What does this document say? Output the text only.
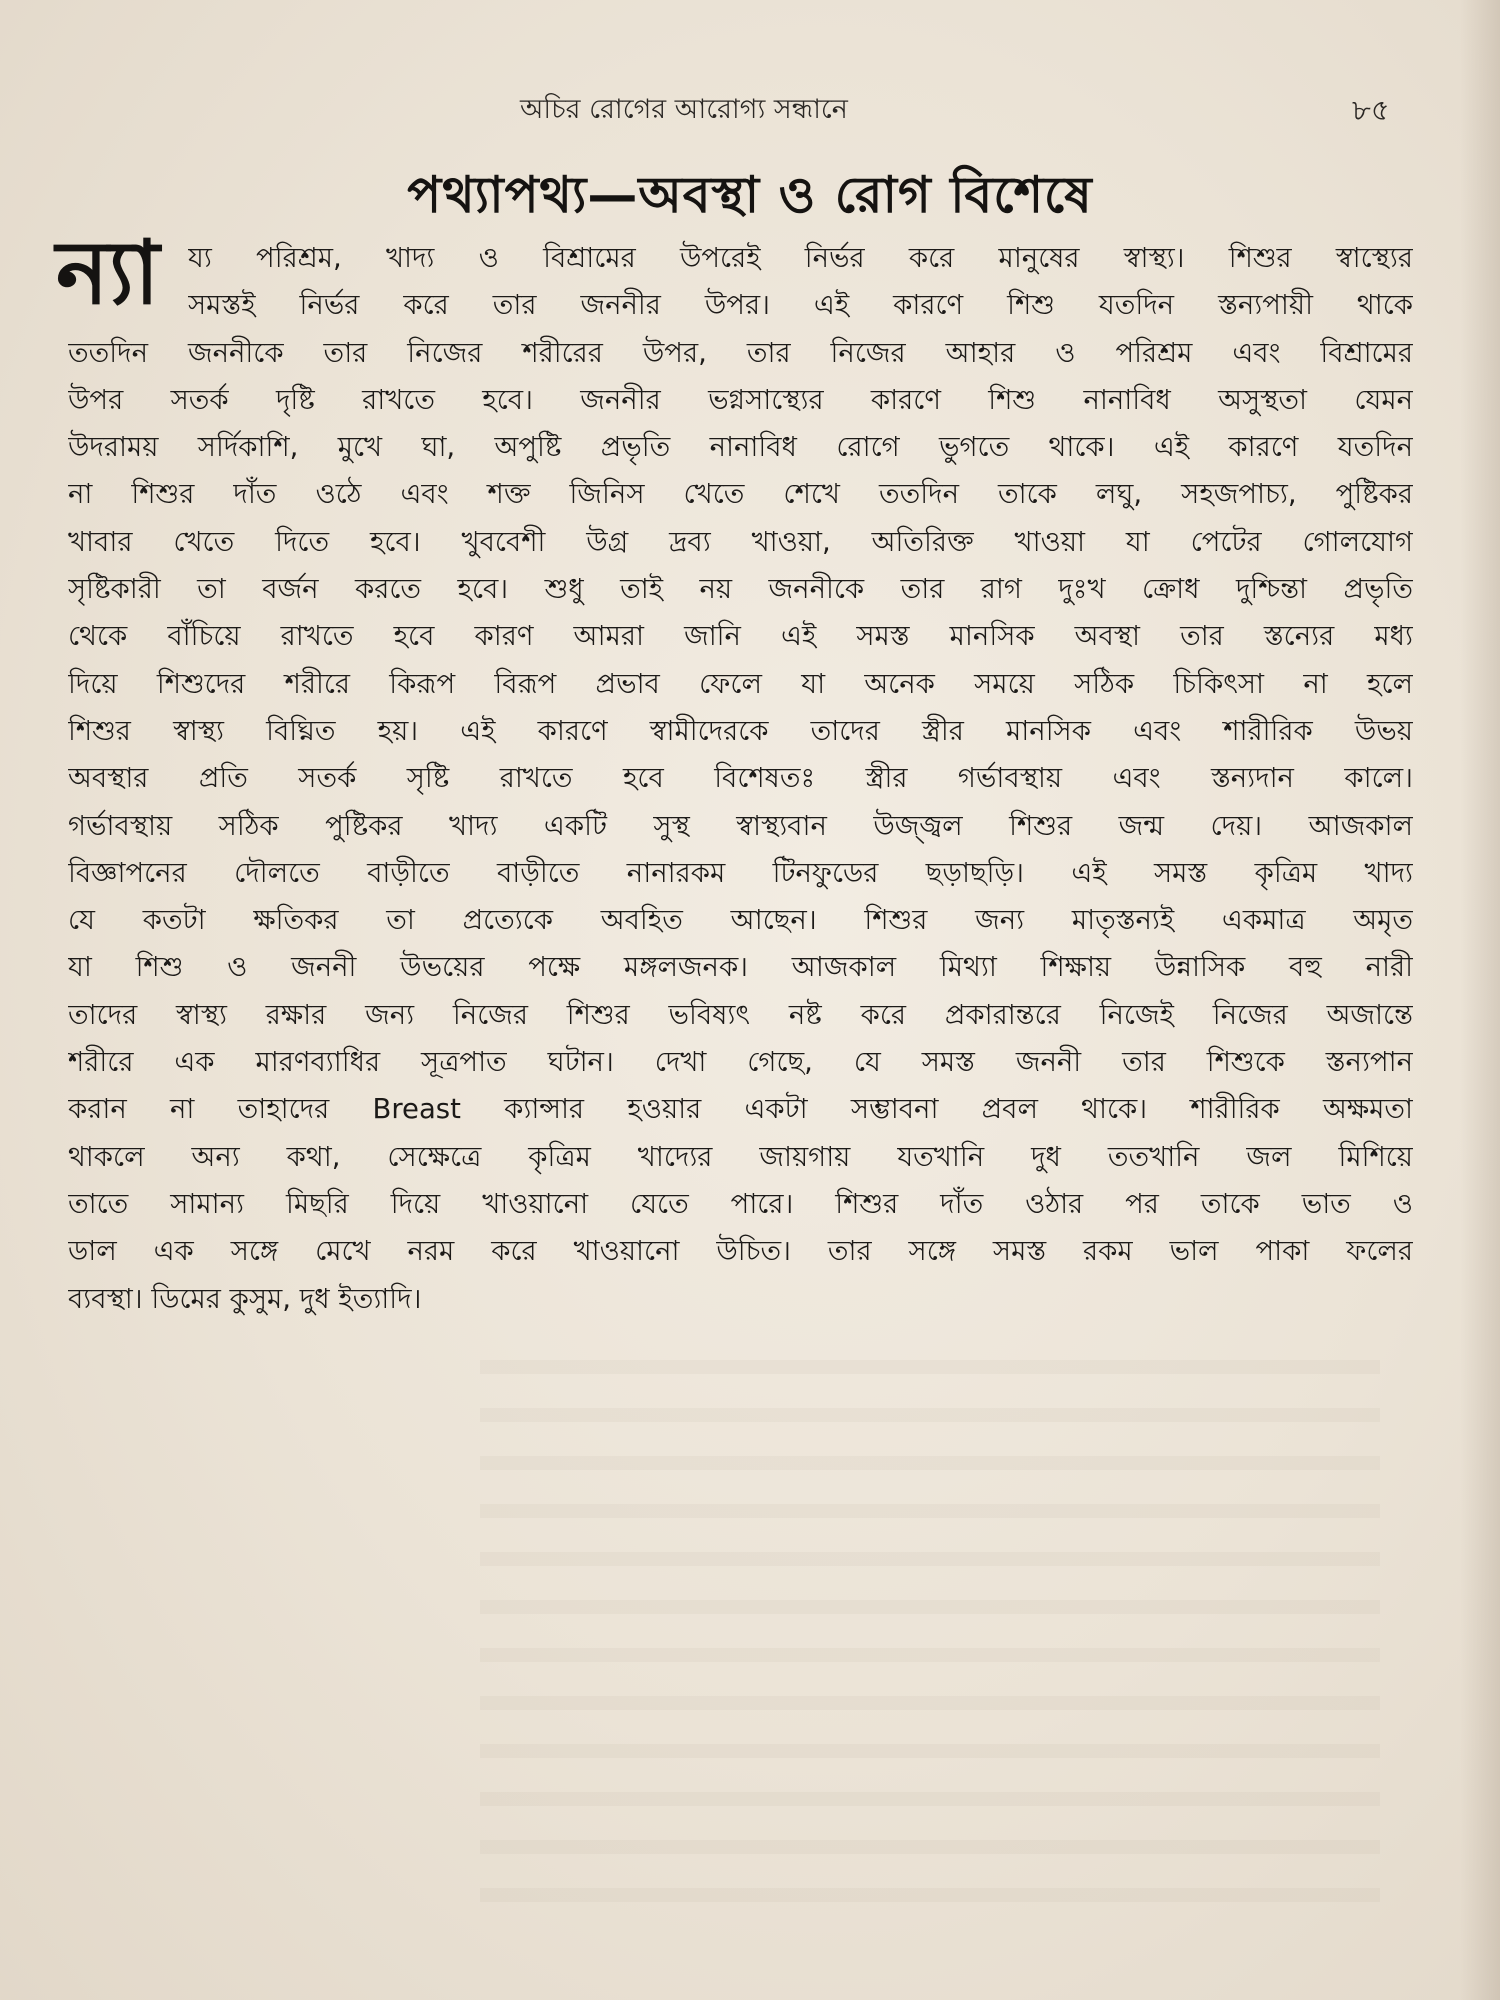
অচির রোগের আরোগ্য সন্ধানে	৮৫
পথ্যাপথ্য—অবস্থা ও রোগ বিশেষে
ন্যা য্য পরিশ্রম, খাদ্য ও বিশ্রামের উপরেই নির্ভর করে মানুষের স্বাস্থ্য। শিশুর স্বাস্থ্যের
সমস্তই নির্ভর করে তার জননীর উপর। এই কারণে শিশু যতদিন স্তন্যপায়ী থাকে
ততদিন জননীকে তার নিজের শরীরের উপর, তার নিজের আহার ও পরিশ্রম এবং বিশ্রামের
উপর সতর্ক দৃষ্টি রাখতে হবে। জননীর ভগ্নসাস্থ্যের কারণে শিশু নানাবিধ অসুস্থতা যেমন
উদরাময় সর্দিকাশি, মুখে ঘা, অপুষ্টি প্রভৃতি নানাবিধ রোগে ভুগতে থাকে। এই কারণে যতদিন
না শিশুর দাঁত ওঠে এবং শক্ত জিনিস খেতে শেখে ততদিন তাকে লঘু, সহজপাচ্য, পুষ্টিকর
খাবার খেতে দিতে হবে। খুববেশী উগ্র দ্রব্য খাওয়া, অতিরিক্ত খাওয়া যা পেটের গোলযোগ
সৃষ্টিকারী তা বর্জন করতে হবে। শুধু তাই নয় জননীকে তার রাগ দুঃখ ক্রোধ দুশ্চিন্তা প্রভৃতি
থেকে বাঁচিয়ে রাখতে হবে কারণ আমরা জানি এই সমস্ত মানসিক অবস্থা তার স্তন্যের মধ্য
দিয়ে শিশুদের শরীরে কিরূপ বিরূপ প্রভাব ফেলে যা অনেক সময়ে সঠিক চিকিৎসা না হলে
শিশুর স্বাস্থ্য বিঘ্নিত হয়। এই কারণে স্বামীদেরকে তাদের স্ত্রীর মানসিক এবং শারীরিক উভয়
অবস্থার প্রতি সতর্ক সৃষ্টি রাখতে হবে বিশেষতঃ স্ত্রীর গর্ভাবস্থায় এবং স্তন্যদান কালে।
গর্ভাবস্থায় সঠিক পুষ্টিকর খাদ্য একটি সুস্থ স্বাস্থ্যবান উজ্জ্বল শিশুর জন্ম দেয়। আজকাল
বিজ্ঞাপনের দৌলতে বাড়ীতে বাড়ীতে নানারকম টিনফুডের ছড়াছড়ি। এই সমস্ত কৃত্রিম খাদ্য
যে কতটা ক্ষতিকর তা প্রত্যেকে অবহিত আছেন। শিশুর জন্য মাতৃস্তন্যই একমাত্র অমৃত
যা শিশু ও জননী উভয়ের পক্ষে মঙ্গলজনক। আজকাল মিথ্যা শিক্ষায় উন্নাসিক বহু নারী
তাদের স্বাস্থ্য রক্ষার জন্য নিজের শিশুর ভবিষ্যৎ নষ্ট করে প্রকারান্তরে নিজেই নিজের অজান্তে
শরীরে এক মারণব্যাধির সূত্রপাত ঘটান। দেখা গেছে, যে সমস্ত জননী তার শিশুকে স্তন্যপান
করান না তাহাদের Breast ক্যান্সার হওয়ার একটা সম্ভাবনা প্রবল থাকে। শারীরিক অক্ষমতা
থাকলে অন্য কথা, সেক্ষেত্রে কৃত্রিম খাদ্যের জায়গায় যতখানি দুধ ততখানি জল মিশিয়ে
তাতে সামান্য মিছরি দিয়ে খাওয়ানো যেতে পারে। শিশুর দাঁত ওঠার পর তাকে ভাত ও
ডাল এক সঙ্গে মেখে নরম করে খাওয়ানো উচিত। তার সঙ্গে সমস্ত রকম ভাল পাকা ফলের
ব্যবস্থা। ডিমের কুসুম, দুধ ইত্যাদি।
